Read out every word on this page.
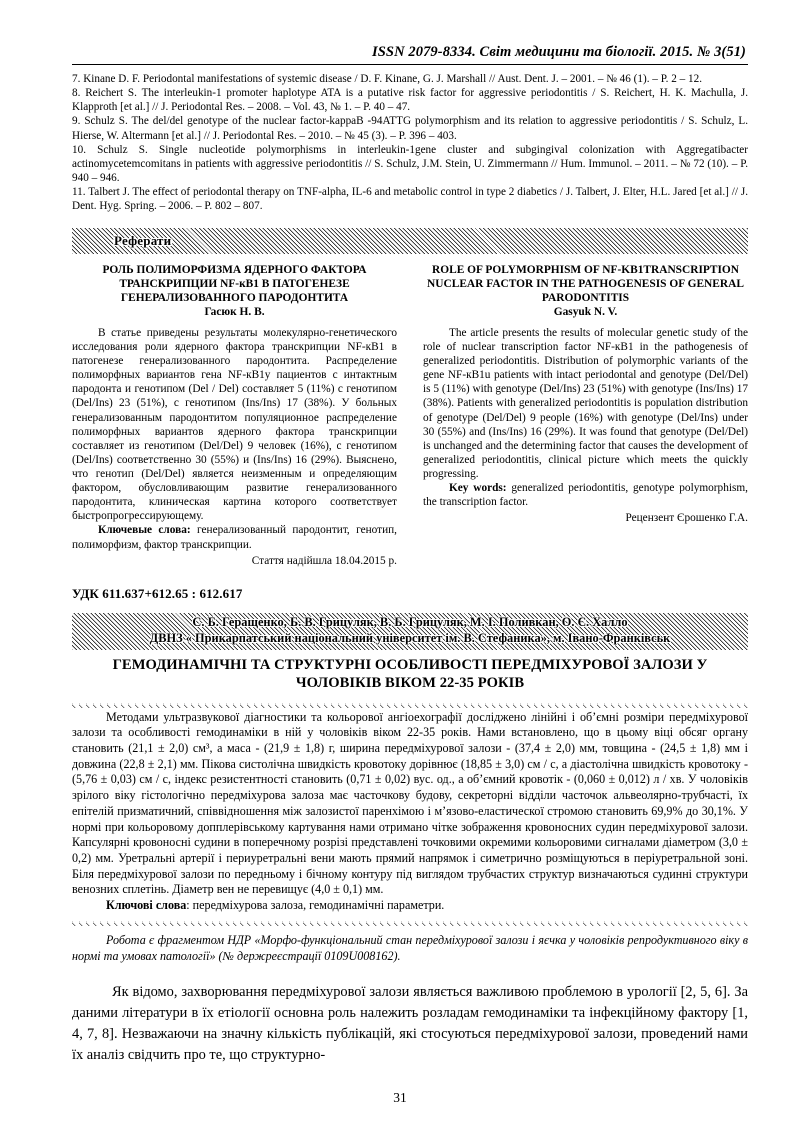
ISSN 2079-8334. Світ медицини та біології. 2015. № 3(51)

7. Kinane D. F. Periodontal manifestations of systemic disease / D. F. Kinane, G. J. Marshall // Aust. Dent. J. – 2001. – № 46 (1). – P. 2 – 12.

8. Reichert S. The interleukin-1 promoter haplotype ATA is a putative risk factor for aggressive periodontitis / S. Reichert, H. K. Machulla, J. Klapproth [et al.] // J. Periodontal Res. – 2008. – Vol. 43, № 1. – P. 40 – 47.

9. Schulz S. The del/del genotype of the nuclear factor-kappaB -94ATTG polymorphism and its relation to aggressive periodontitis / S. Schulz, L. Hierse, W. Altermann [et al.] // J. Periodontal Res. – 2010. – № 45 (3). – P. 396 – 403.

10. Schulz S. Single nucleotide polymorphisms in interleukin-1gene cluster and subgingival colonization with Aggregatibacter actinomycetemcomitans in patients with aggressive periodontitis // S. Schulz, J.M. Stein, U. Zimmermann // Hum. Immunol. – 2011. – № 72 (10). – P. 940 – 946.

11. Talbert J. The effect of periodontal therapy on TNF-alpha, IL-6 and metabolic control in type 2 diabetics / J. Talbert, J. Elter, H.L. Jared [et al.] // J. Dent. Hyg. Spring. – 2006. – P. 802 – 807.

Реферати
РОЛЬ ПОЛИМОРФИЗМА ЯДЕРНОГО ФАКТОРА ТРАНСКРИПЦИИ NF-кВ1 В ПАТОГЕНЕЗЕ ГЕНЕРАЛИЗОВАННОГО ПАРОДОНТИТА
Гасюк Н. В.

В статье приведены результаты молекулярно-генетического исследования роли ядерного фактора транскрипции NF-кВ1 в патогенезе генерализованного пародонтита. Распределение полиморфных вариантов гена NF-кВ1у пациентов с интактным пародонта и генотипом (Del / Del) составляет 5 (11%) с генотипом (Del/Ins) 23 (51%), с генотипом (Ins/Ins) 17 (38%). У больных генерализованным пародонтитом популяционное распределение полиморфных вариантов ядерного фактора транскрипции составляет из генотипом (Del/Del) 9 человек (16%), с генотипом (Del/Ins) соответственно 30 (55%) и (Ins/Ins) 16 (29%). Выяснено, что генотип (Del/Del) является неизменным и определяющим фактором, обусловливающим развитие генерализованного пародонтита, клиническая картина которого соответствует быстропрогрессирующему.

Ключевые слова: генерализованный пародонтит, генотип, полиморфизм, фактор транскрипции.

Стаття надійшла 18.04.2015 р.
ROLE OF POLYMORPHISM OF NF-KB1TRANSCRIPTION NUCLEAR FACTOR IN THE PATHOGENESIS OF GENERAL PARODONTITIS
Gasyuk N. V.

The article presents the results of molecular genetic study of the role of nuclear transcription factor NF-кB1 in the pathogenesis of generalized periodontitis. Distribution of polymorphic variants of the gene NF-кB1u patients with intact periodontal and genotype (Del/Del) is 5 (11%) with genotype (Del/Ins) 23 (51%) with genotype (Ins/Ins) 17 (38%). Patients with generalized periodontitis is population distribution of genotype (Del/Del) 9 people (16%) with genotype (Del/Ins) under 30 (55%) and (Ins/Ins) 16 (29%). It was found that genotype (Del/Del) is unchanged and the determining factor that causes the development of generalized periodontitis, clinical picture which meets the quickly progressing.

Key words: generalized periodontitis, genotype polymorphism, the transcription factor.

Рецензент Єрошенко Г.А.
УДК 611.637+612.65 : 612.617
С. Б. Геращенко, Б. В. Грицуляк, В. Б. Грицуляк, М. І. Поливкан, О. Є. Халло
ДВНЗ « Прикарпатський національний університет ім. В. Стефаника», м. Івано-Франківськ
ГЕМОДИНАМІЧНІ ТА СТРУКТУРНІ ОСОБЛИВОСТІ ПЕРЕДМІХУРОВОЇ ЗАЛОЗИ У ЧОЛОВІКІВ ВІКОМ 22-35 РОКІВ

Методами ультразвукової діагностики та кольорової ангіоехографії досліджено лінійні і об’ємні розміри передміхурової залози та особливості гемодинаміки в ній у чоловіків віком 22-35 років. Нами встановлено, що в цьому віці обсяг органу становить (21,1 ± 2,0) см³, а маса - (21,9 ± 1,8) г, ширина передміхурової залози - (37,4 ± 2,0) мм, товщина - (24,5 ± 1,8) мм і довжина (22,8 ± 2,1) мм. Пікова систолічна швидкість кровотоку дорівнює (18,85 ± 3,0) см / с, а діастолічна швидкість кровотоку - (5,76 ± 0,03) см / с, індекс резистентності становить (0,71 ± 0,02) вус. од., а об’ємний кровотік - (0,060 ± 0,012) л / хв. У чоловіків зрілого віку гістологічно передміхурова залоза має часточкову будову, секреторні відділи часточок альвеолярно-трубчасті, їх епітелій призматичний, співвідношення між залозистої паренхімою і м’язово-еластическої стромою становить 69,9% до 30,1%. У нормі при кольоровому допплерівському картування нами отримано чітке зображення кровоносних судин передміхурової залози. Капсулярні кровоносні судини в поперечному розрізі представлені точковими окремими кольоровими сигналами діаметром (3,0 ± 0,2) мм. Уретральні артерії і периуретральні вени мають прямий напрямок і симетрично розміщуються в періуретральной зоні. Біля передміхурової залози по передньому і бічному контуру під виглядом трубчастих структур визначаються судинні структури венозних сплетінь. Діаметр вен не перевищує (4,0 ± 0,1) мм.

Ключові слова: передміхурова залоза, гемодинамічні параметри.

Робота є фрагментом НДР «Морфо-функціональний стан передміхурової залози і яєчка у чоловіків репродуктивного віку в нормі та умовах патології» (№ держреєстрації 0109U008162).

Як відомо, захворювання передміхурової залози являється важливою проблемою в урології [2, 5, 6]. За даними літератури в їх етіології основна роль належить розладам гемодинаміки та інфекційному фактору [1, 4, 7, 8]. Незважаючи на значну кількість публікацій, які стосуються передміхурової залози, проведений нами їх аналіз свідчить про те, що структурно-

31
